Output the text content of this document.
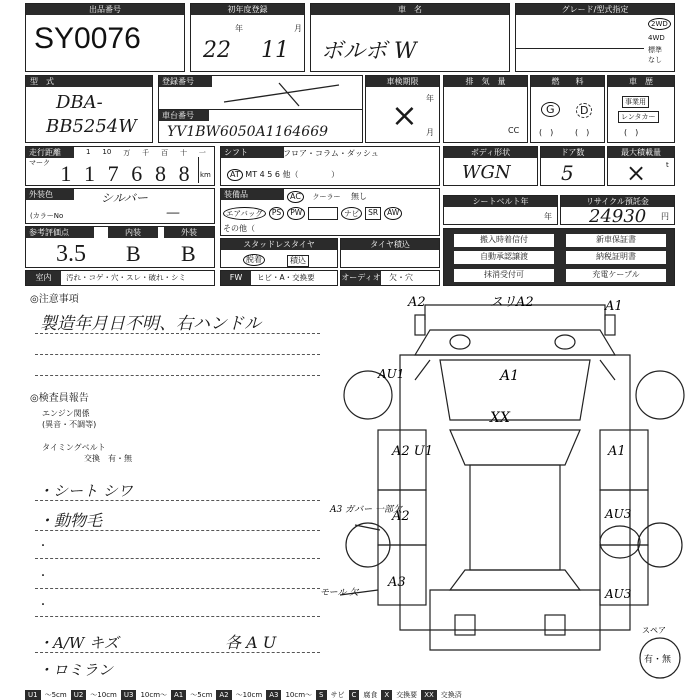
出品番号
SY0076
初年度登録
年	月
22 11
車　名
ボルボ W
グレード/型式指定
2WD
4WD
標準
なし
型　式
DBA-
BB5254W
登録番号
車台番号
YV1BW6050A1164669
車検期限
年
月
×
排　気　量
CC
燃　　料
G	D
(　)	(　)
車　歴
事業用
レンタカー
(　)
走行距離
マーク
1 10 万 千 百 十 一
1 1 7 6 8 8 km
シフト	フロア・コラム・ダッシュ
AT MT 4 5 6 他（	）
ボディ形状
WGN
ドア数
5
最大積載量
t
×
外装色	シルバー
(カラーNo	—
装備品	AC クーラー 無し
エアバッグ	PS	PW	ナビ	SR	AW
その他（
シートベルト年
年
リサイクル預託金
24930 円
参考評価点	内装	外装
3.5 B B	スタッドレスタイヤ
脱着	積込
タイヤ積込
搬入時着信付	新車保証書
自動承認譲渡	納税証明書
抹消受付可	充電ケーブル
室内	汚れ・コゲ・穴・スレ・破れ・シミ	FW	ヒビ・A・交換要	オーディオ 欠・穴
◎注意事項
製造年月日不明、右ハンドル
◎検査員報告
エンジン関係
(異音・不調等)
タイミングベルト
交換　有・無
・シート シワ
・動物毛
・
・
・
・A/W キズ	各 A U
・ロミラン
A2	スリA2	A1
AU1	A1
XX
A2 U1	A1
A3 ガバー 一部欠
A2	AU3
A3
モール 欠	AU3
スペア
有・無
U1	～5cm	U2	～10cm	U3	10cm～	A1	～5cm	A2	～10cm	A3	10cm～	S	サビ	C	腐食	X	交換要	XX	交換済
